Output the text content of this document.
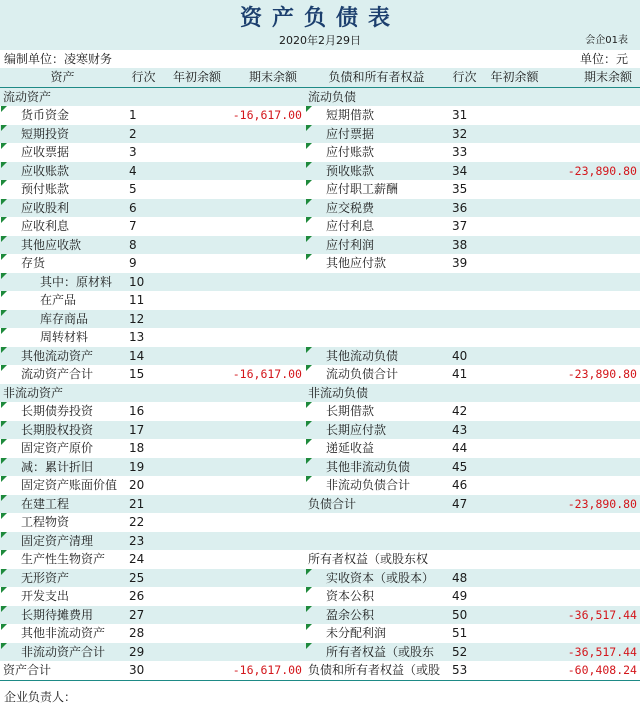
资产负债表
2020年2月29日	会企01表
编制单位：凌寒财务	单位：元
资产	行次	年初余额	期末余额	负债和所有者权益	行次	年初余额	期末余额
流动资产				流动负债			
货币资金	1		-16,617.00	短期借款	31		
短期投资	2			应付票据	32		
应收票据	3			应付账款	33		
应收账款	4			预收账款	34		-23,890.80
预付账款	5			应付职工薪酬	35		
应收股利	6			应交税费	36		
应收利息	7			应付利息	37		
其他应收款	8			应付利润	38		
存货	9			其他应付款	39		
其中：原材料	10						
在产品	11						
库存商品	12						
周转材料	13						
其他流动资产	14			其他流动负债	40		
流动资产合计	15		-16,617.00	流动负债合计	41		-23,890.80
非流动资产				非流动负债			
长期债券投资	16			长期借款	42		
长期股权投资	17			长期应付款	43		
固定资产原价	18			递延收益	44		
减：累计折旧	19			其他非流动负债	45		
固定资产账面价值	20			非流动负债合计	46		
在建工程	21			负债合计	47		-23,890.80
工程物资	22						
固定资产清理	23						
生产性生物资产	24			所有者权益（或股东权			
无形资产	25			实收资本（或股本）	48		
开发支出	26			资本公积	49		
长期待摊费用	27			盈余公积	50		-36,517.44
其他非流动资产	28			未分配利润	51		
非流动资产合计	29			所有者权益（或股东	52		-36,517.44
资产合计	30		-16,617.00	负债和所有者权益（或股	53		-60,408.24
企业负责人：
